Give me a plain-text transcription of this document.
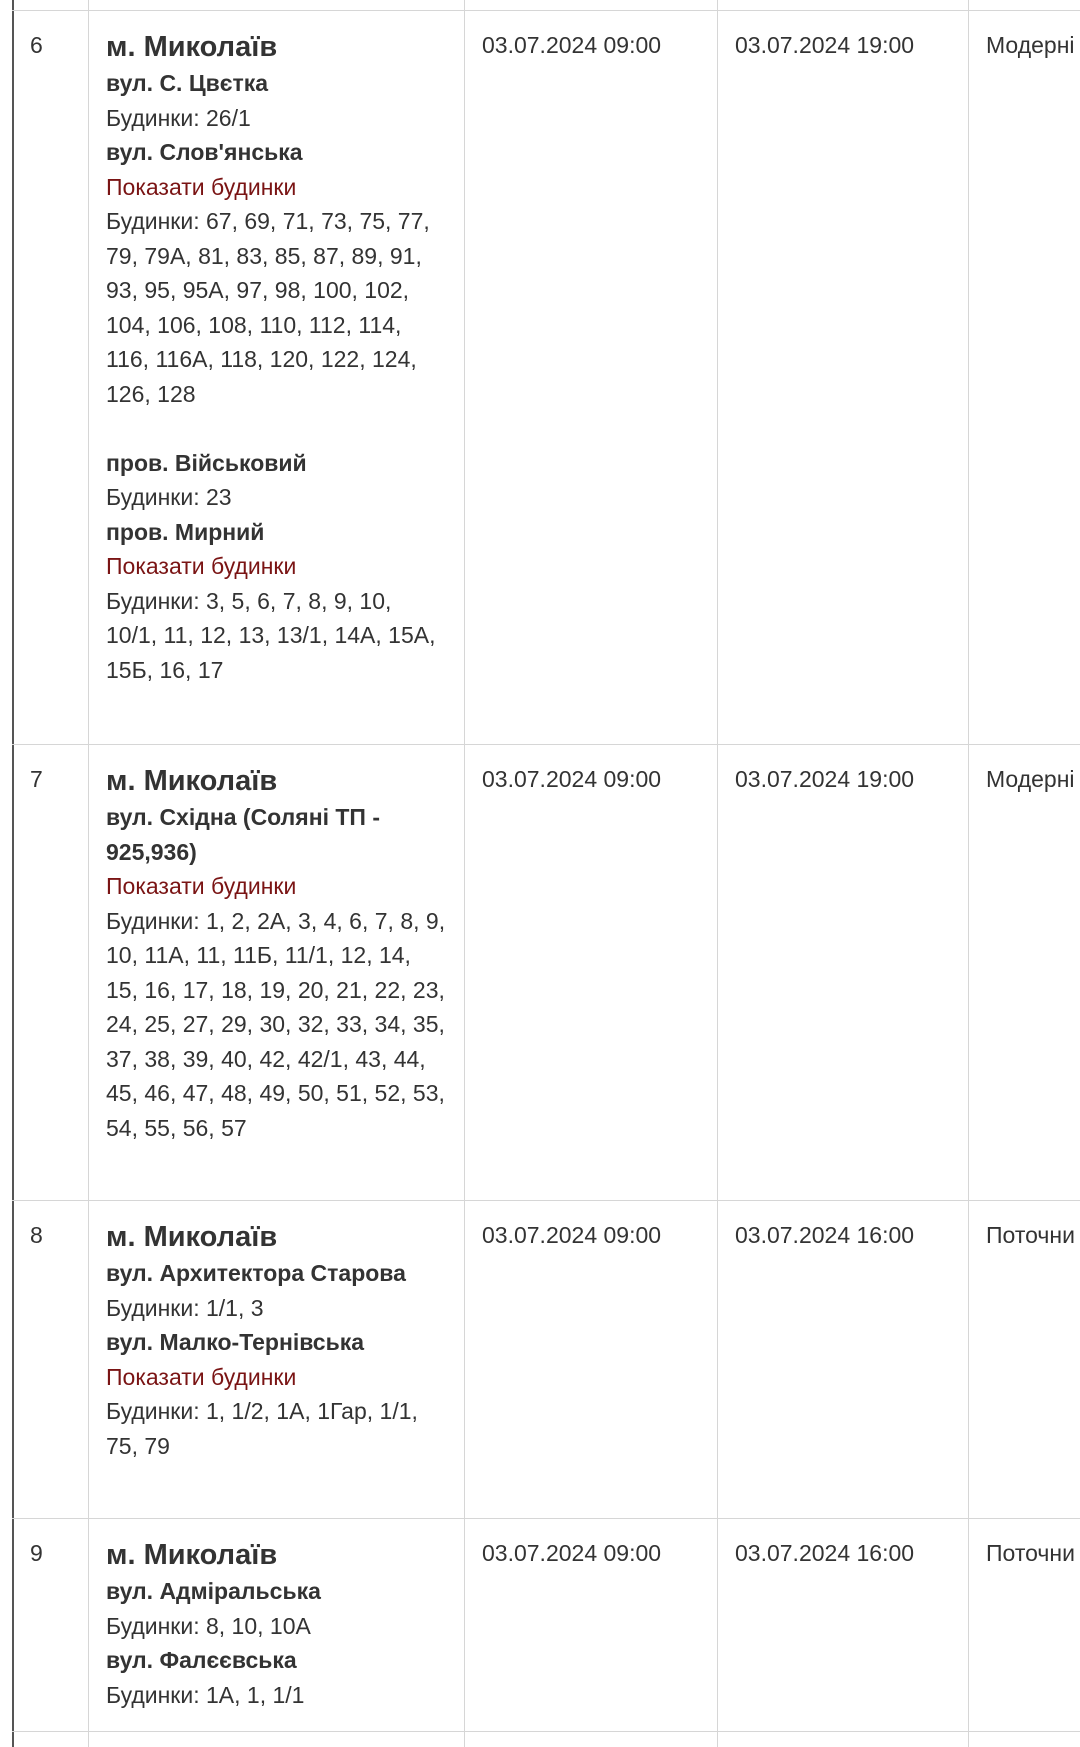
6	м. Миколаїв
вул. С. Цвєтка
Будинки: 26/1
вул. Слов'янська
Показати будинки
Будинки: 67, 69, 71, 73, 75, 77,
79, 79А, 81, 83, 85, 87, 89, 91,
93, 95, 95А, 97, 98, 100, 102,
104, 106, 108, 110, 112, 114,
116, 116А, 118, 120, 122, 124,
126, 128
пров. Військовий
Будинки: 23
пров. Мирний
Показати будинки
Будинки: 3, 5, 6, 7, 8, 9, 10,
10/1, 11, 12, 13, 13/1, 14А, 15А,
15Б, 16, 17
03.07.2024 09:00	03.07.2024 19:00	Модерні
7	м. Миколаїв
вул. Східна (Соляні ТП -
925,936)
Показати будинки
Будинки: 1, 2, 2А, 3, 4, 6, 7, 8, 9,
10, 11А, 11, 11Б, 11/1, 12, 14,
15, 16, 17, 18, 19, 20, 21, 22, 23,
24, 25, 27, 29, 30, 32, 33, 34, 35,
37, 38, 39, 40, 42, 42/1, 43, 44,
45, 46, 47, 48, 49, 50, 51, 52, 53,
54, 55, 56, 57
03.07.2024 09:00	03.07.2024 19:00	Модерні
8	м. Миколаїв
вул. Архитектора Старова
Будинки: 1/1, 3
вул. Малко-Тернівська
Показати будинки
Будинки: 1, 1/2, 1А, 1Гар, 1/1,
75, 79
03.07.2024 09:00	03.07.2024 16:00	Поточни
9	м. Миколаїв
вул. Адміральська
Будинки: 8, 10, 10А
вул. Фалєєвська
Будинки: 1А, 1, 1/1
03.07.2024 09:00	03.07.2024 16:00	Поточни
